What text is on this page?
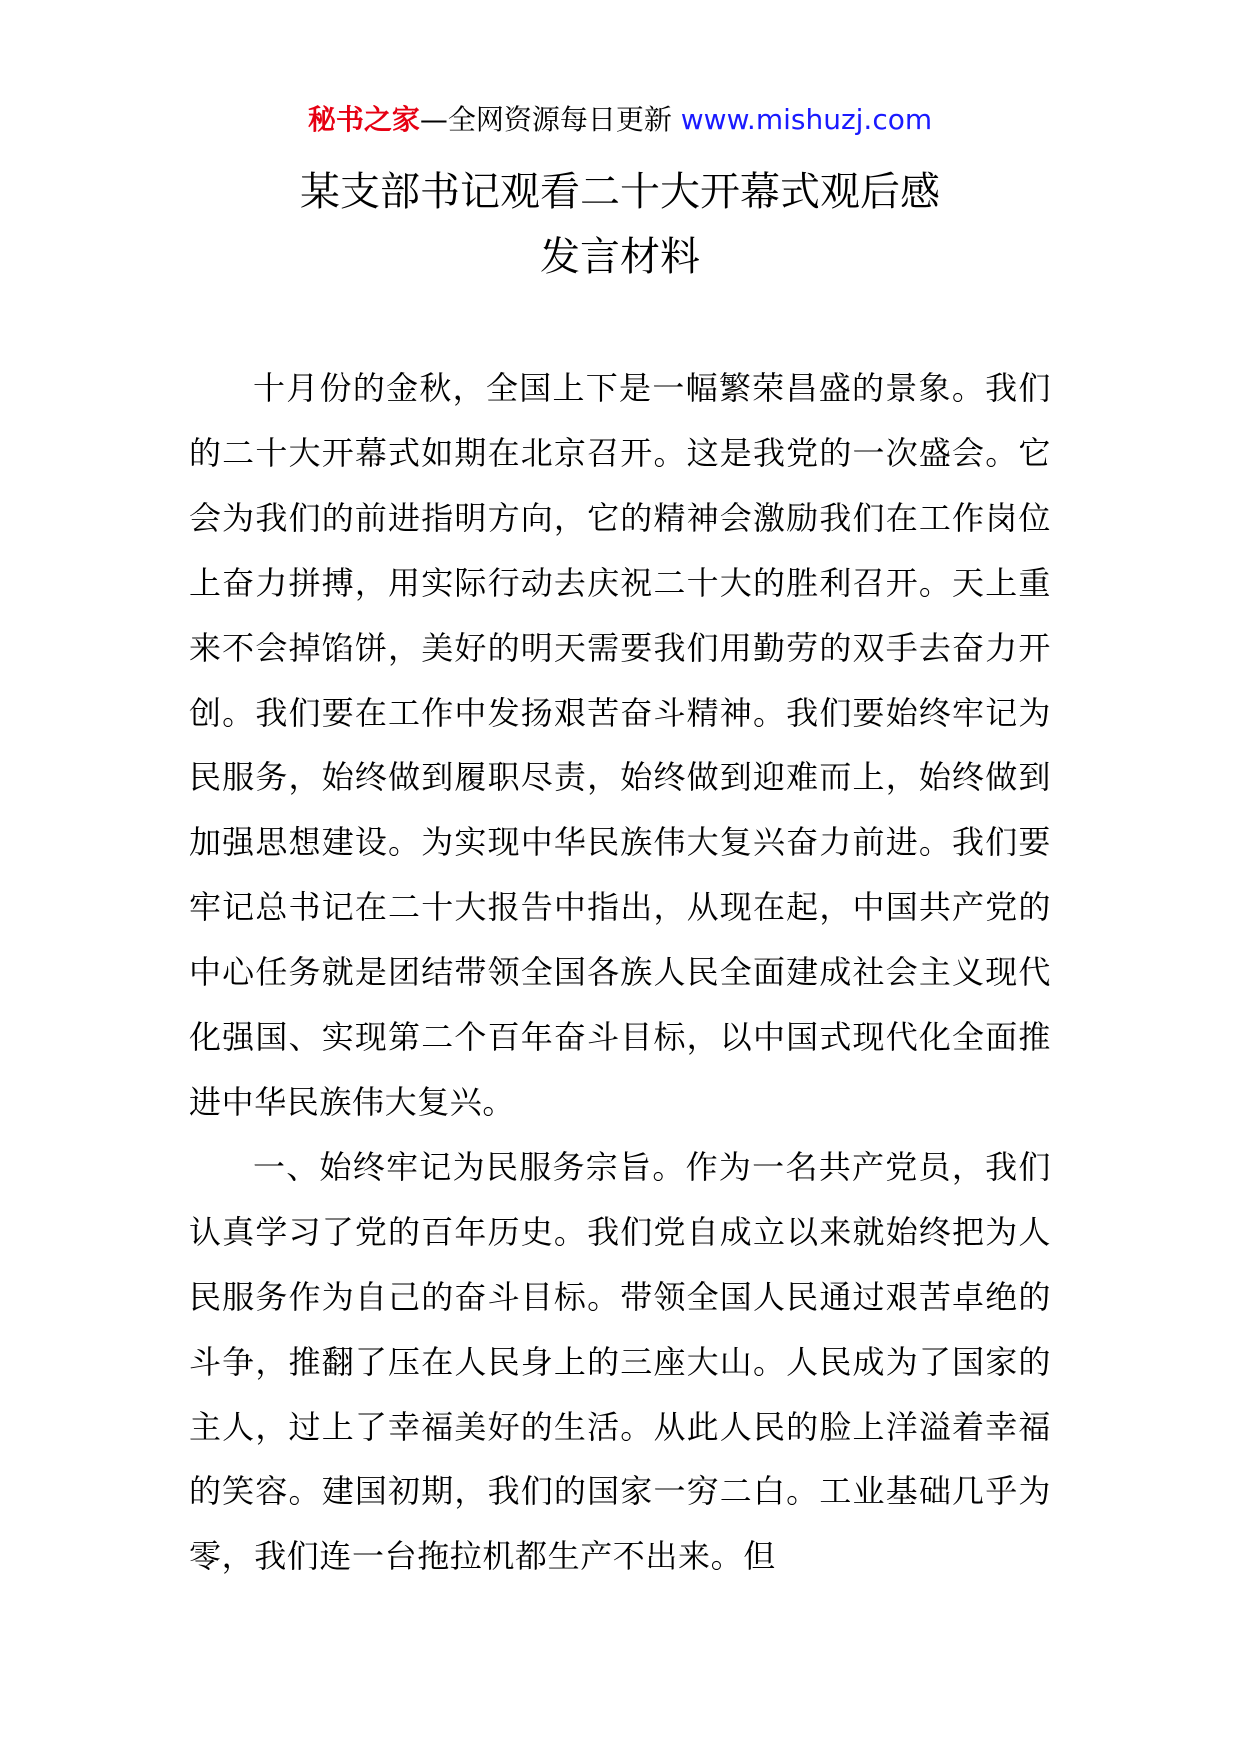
秘书之家—全网资源每日更新 www.mishuzj.com
某支部书记观看二十大开幕式观后感
发言材料

十月份的金秋，全国上下是一幅繁荣昌盛的景象。我们的二十大开幕式如期在北京召开。这是我党的一次盛会。它会为我们的前进指明方向，它的精神会激励我们在工作岗位上奋力拼搏，用实际行动去庆祝二十大的胜利召开。天上重来不会掉馅饼，美好的明天需要我们用勤劳的双手去奋力开创。我们要在工作中发扬艰苦奋斗精神。我们要始终牢记为民服务，始终做到履职尽责，始终做到迎难而上，始终做到加强思想建设。为实现中华民族伟大复兴奋力前进。我们要牢记总书记在二十大报告中指出，从现在起，中国共产党的中心任务就是团结带领全国各族人民全面建成社会主义现代化强国、实现第二个百年奋斗目标，以中国式现代化全面推进中华民族伟大复兴。

一、始终牢记为民服务宗旨。作为一名共产党员，我们认真学习了党的百年历史。我们党自成立以来就始终把为人民服务作为自己的奋斗目标。带领全国人民通过艰苦卓绝的斗争，推翻了压在人民身上的三座大山。人民成为了国家的主人，过上了幸福美好的生活。从此人民的脸上洋溢着幸福的笑容。建国初期，我们的国家一穷二白。工业基础几乎为零，我们连一台拖拉机都生产不出来。但
